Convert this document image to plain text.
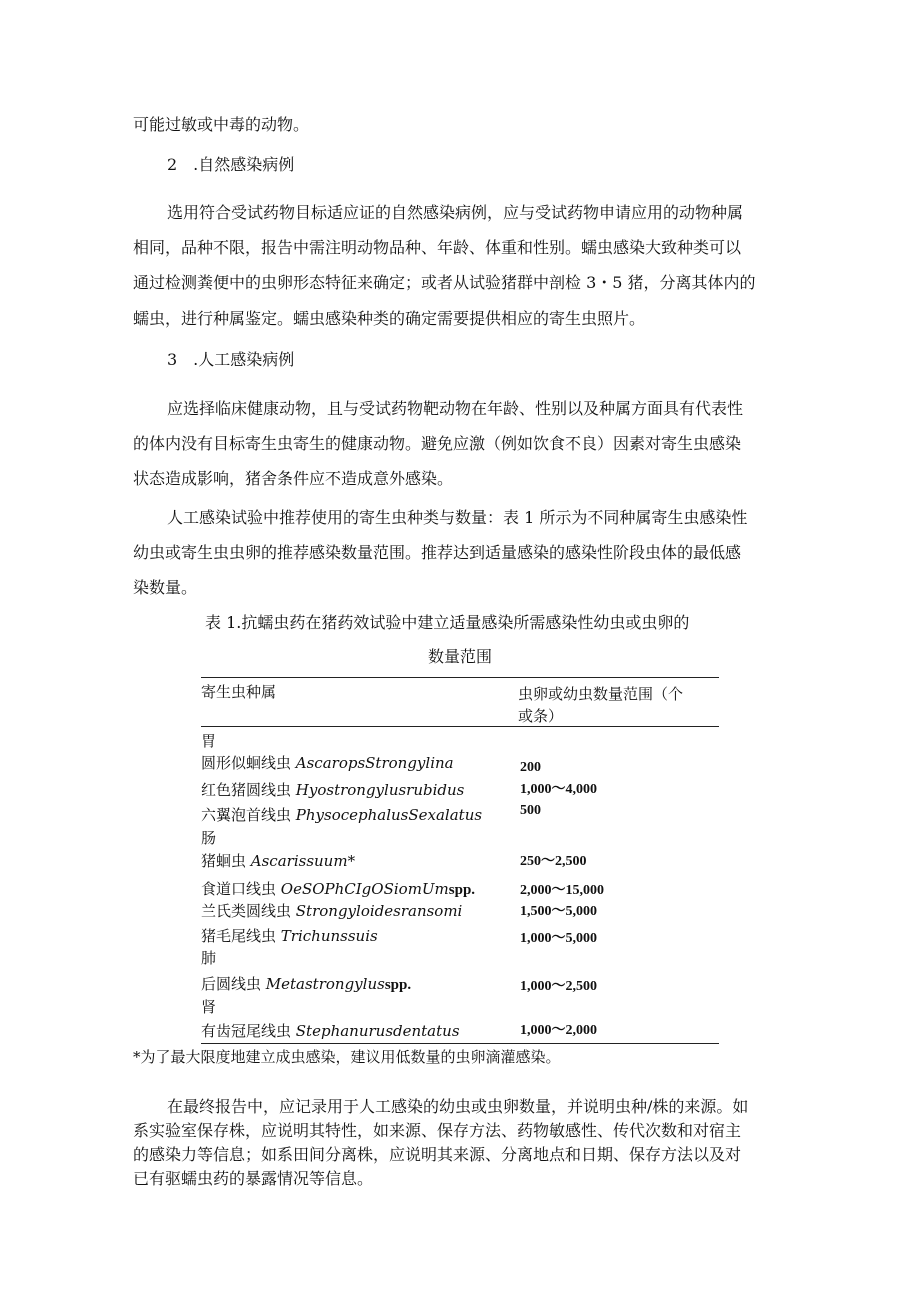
可能过敏或中毒的动物。
2　.自然感染病例
选用符合受试药物目标适应证的自然感染病例，应与受试药物申请应用的动物种属
相同，品种不限，报告中需注明动物品种、年龄、体重和性别。蠕虫感染大致种类可以
通过检测粪便中的虫卵形态特征来确定；或者从试验猪群中剖检 3・5 猪，分离其体内的
蠕虫，进行种属鉴定。蠕虫感染种类的确定需要提供相应的寄生虫照片。
3　.人工感染病例
应选择临床健康动物，且与受试药物靶动物在年龄、性别以及种属方面具有代表性
的体内没有目标寄生虫寄生的健康动物。避免应激（例如饮食不良）因素对寄生虫感染
状态造成影响，猪舍条件应不造成意外感染。
人工感染试验中推荐使用的寄生虫种类与数量：表 1 所示为不同种属寄生虫感染性
幼虫或寄生虫虫卵的推荐感染数量范围。推荐达到适量感染的感染性阶段虫体的最低感
染数量。
表 1.抗蠕虫药在猪药效试验中建立适量感染所需感染性幼虫或虫卵的
数量范围
寄生虫种属	虫卵或幼虫数量范围（个
或条）
胃
圆形似蛔线虫 AscaropsStrongylina	200
红色猪圆线虫 Hyostrongylusrubidus	1,000～4,000
六翼泡首线虫 PhysocephalusSexalatus	500
肠
猪蛔虫 Ascarissuum*	250～2,500
食道口线虫 OeSOPhCIgOSiomUmspp.	2,000～15,000
兰氏类圆线虫 Strongyloidesransomi	1,500～5,000
猪毛尾线虫 Trichunssuis	1,000～5,000
肺
后圆线虫 Metastrongylusspp.	1,000～2,500
肾
有齿冠尾线虫 Stephanurusdentatus	1,000～2,000
*为了最大限度地建立成虫感染，建议用低数量的虫卵滴灌感染。
在最终报告中，应记录用于人工感染的幼虫或虫卵数量，并说明虫种/株的来源。如
系实验室保存株，应说明其特性，如来源、保存方法、药物敏感性、传代次数和对宿主
的感染力等信息；如系田间分离株，应说明其来源、分离地点和日期、保存方法以及对
已有驱蠕虫药的暴露情况等信息。
